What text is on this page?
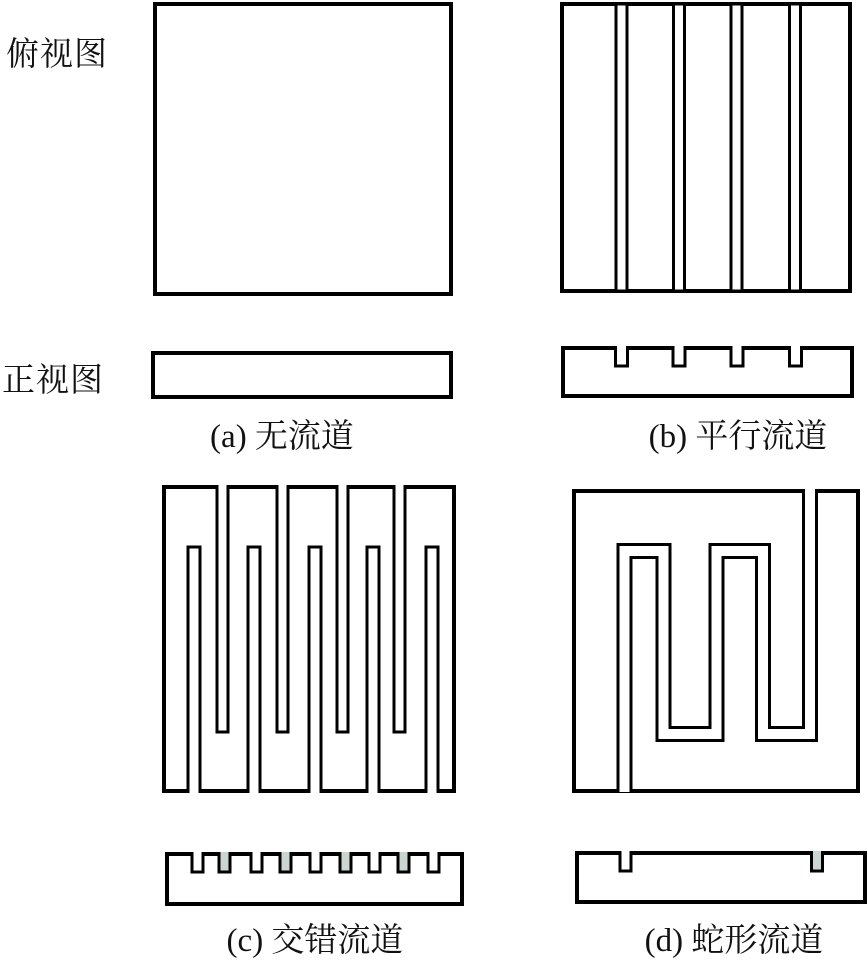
俯视图
正视图
(a) 无流道	(b) 平行流道
(c) 交错流道	(d) 蛇形流道
